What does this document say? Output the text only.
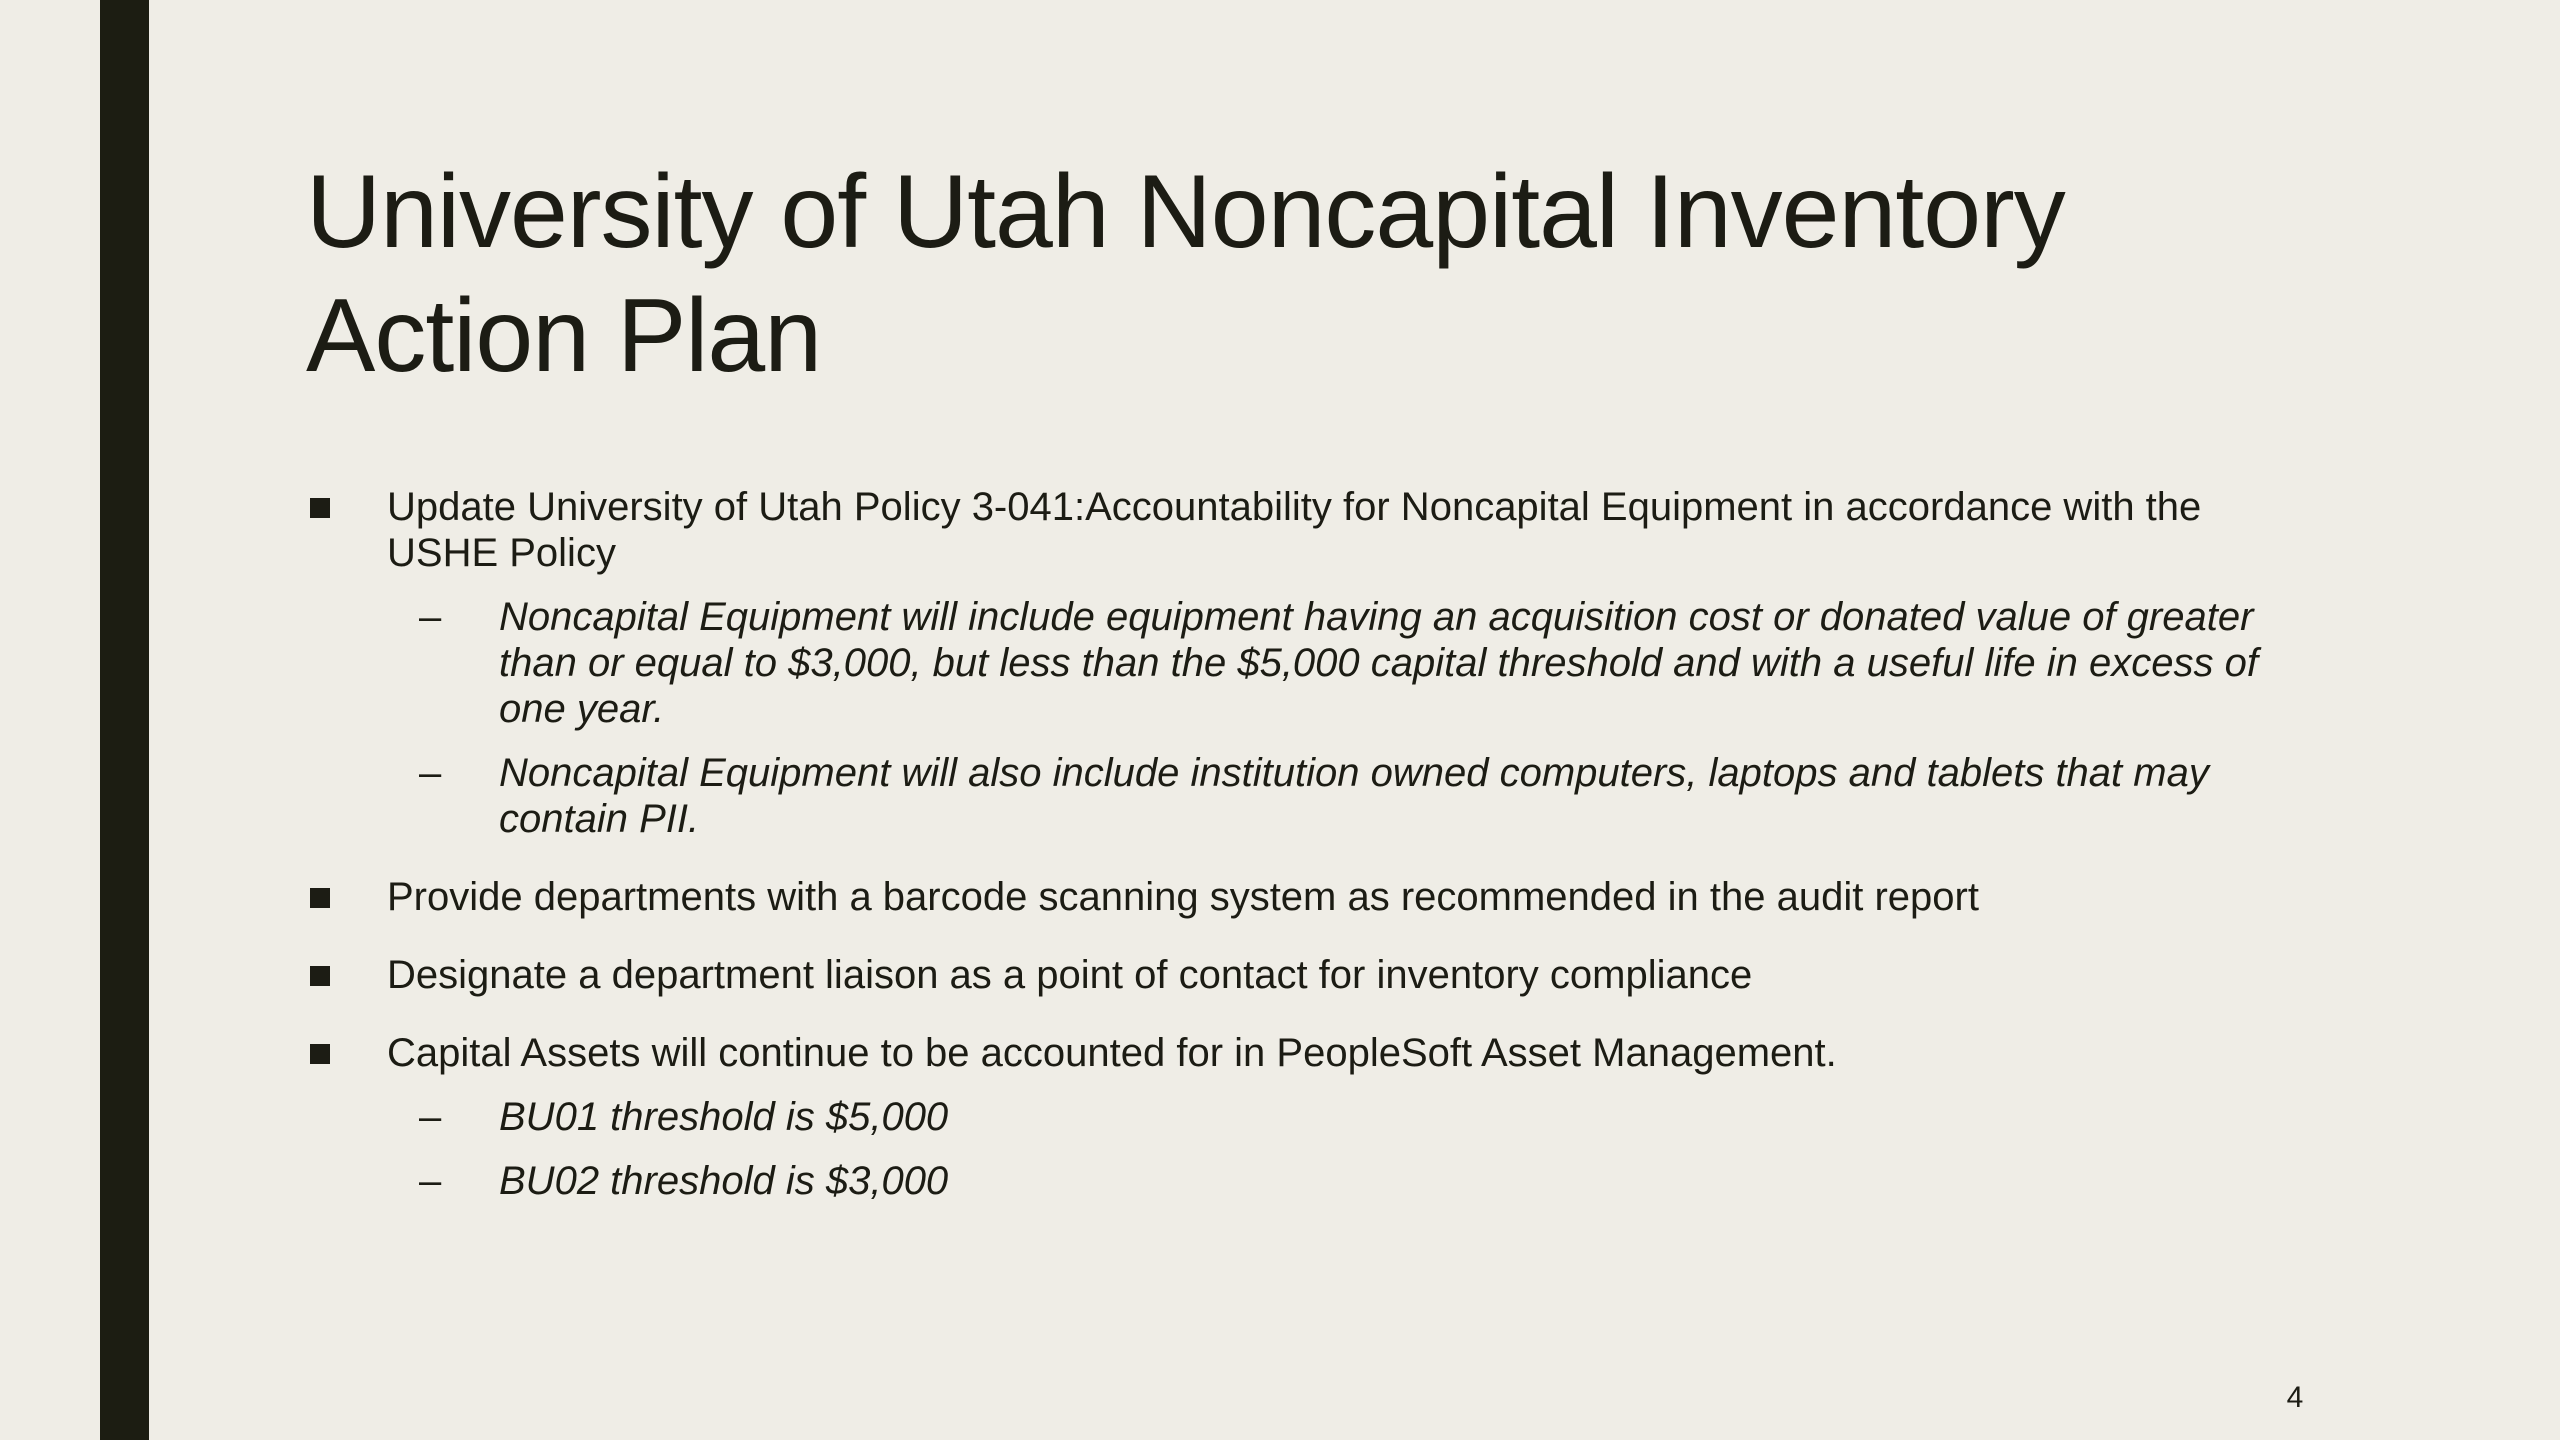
University of Utah Noncapital Inventory Action Plan
Update University of Utah Policy 3-041:Accountability for Noncapital Equipment in accordance with the USHE Policy
– Noncapital Equipment will include equipment having an acquisition cost or donated value of greater than or equal to $3,000, but less than the $5,000 capital threshold and with a useful life in excess of one year.
– Noncapital Equipment will also include institution owned computers, laptops and tablets that may contain PII.
Provide departments with a barcode scanning system as recommended in the audit report
Designate a department liaison as a point of contact for inventory compliance
Capital Assets will continue to be accounted for in PeopleSoft Asset Management.
– BU01 threshold is $5,000
– BU02 threshold is $3,000
4
